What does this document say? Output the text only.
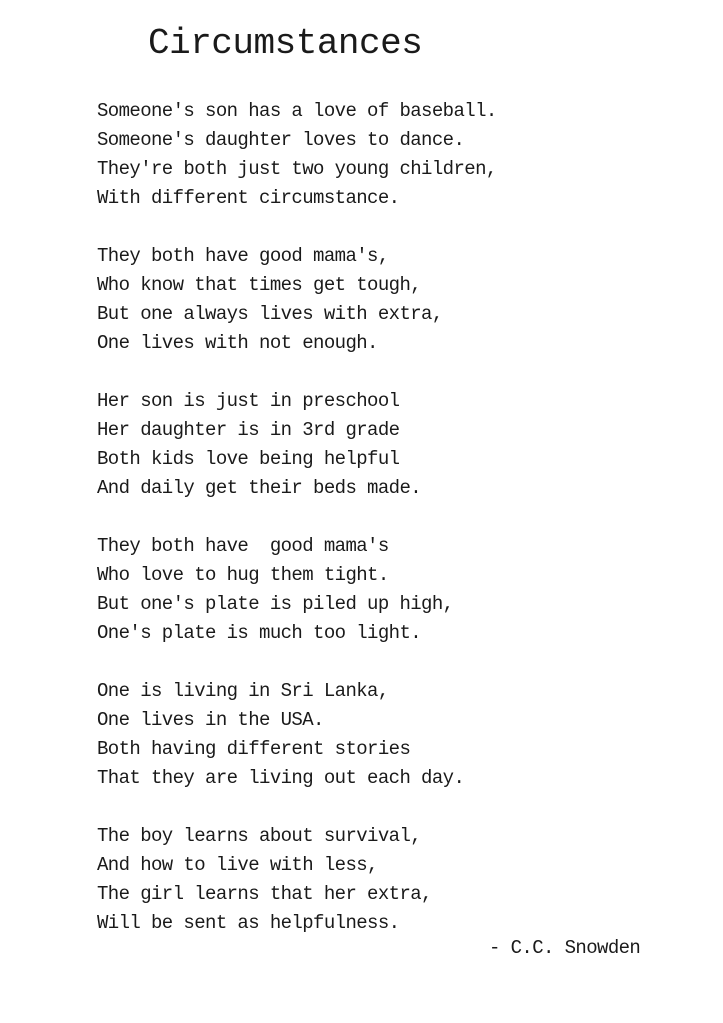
Circumstances
Someone's son has a love of baseball.
Someone's daughter loves to dance.
They're both just two young children,
With different circumstance.
They both have good mama's,
Who know that times get tough,
But one always lives with extra,
One lives with not enough.
Her son is just in preschool
Her daughter is in 3rd grade
Both kids love being helpful
And daily get their beds made.
They both have  good mama's
Who love to hug them tight.
But one's plate is piled up high,
One's plate is much too light.
One is living in Sri Lanka,
One lives in the USA.
Both having different stories
That they are living out each day.
The boy learns about survival,
And how to live with less,
The girl learns that her extra,
Will be sent as helpfulness.
- C.C. Snowden
